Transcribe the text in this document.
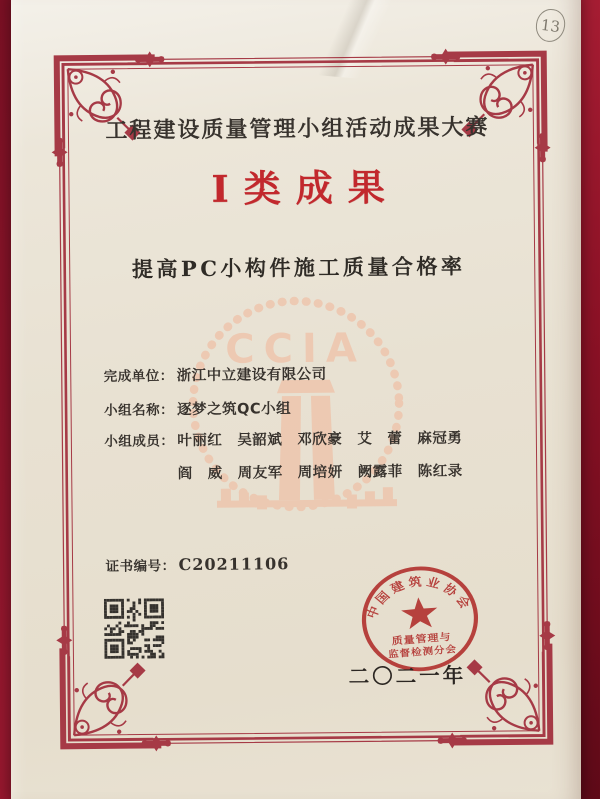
CCIA
工程建设质量管理小组活动成果大赛
Ⅰ类成果
提高PC小构件施工质量合格率
完成单位： 浙江中立建设有限公司
小组名称： 逐梦之筑QC小组
小组成员： 叶丽红　吴韶斌　邓欣豪　艾　蕾　麻冠勇
阎　威　周友军　周培妍　阙露菲　陈红录
证书编号： C20211106
中国建筑业协会
质量管理与
监督检测分会
二〇二一年
13
